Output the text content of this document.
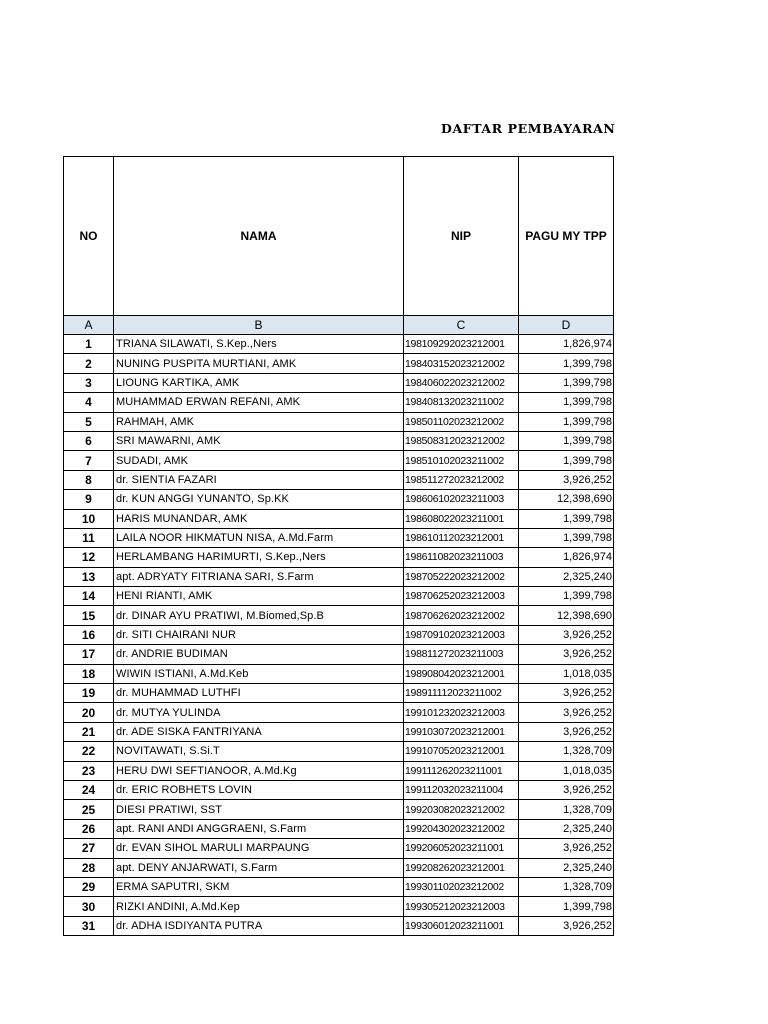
DAFTAR PEMBAYARAN
NO	NAMA	NIP	PAGU MY TPP
A	B	C	D
1	TRIANA SILAWATI, S.Kep.,Ners	198109292023212001	1,826,974
2	NUNING PUSPITA MURTIANI, AMK	198403152023212002	1,399,798
3	LIOUNG KARTIKA, AMK	198406022023212002	1,399,798
4	MUHAMMAD ERWAN REFANI, AMK	198408132023211002	1,399,798
5	RAHMAH, AMK	198501102023212002	1,399,798
6	SRI MAWARNI, AMK	198508312023212002	1,399,798
7	SUDADI, AMK	198510102023211002	1,399,798
8	dr. SIENTIA FAZARI	198511272023212002	3,926,252
9	dr. KUN ANGGI YUNANTO, Sp.KK	198606102023211003	12,398,690
10	HARIS MUNANDAR, AMK	198608022023211001	1,399,798
11	LAILA NOOR HIKMATUN NISA, A.Md.Farm	198610112023212001	1,399,798
12	HERLAMBANG HARIMURTI, S.Kep.,Ners	198611082023211003	1,826,974
13	apt. ADRYATY FITRIANA SARI, S.Farm	198705222023212002	2,325,240
14	HENI RIANTI, AMK	198706252023212003	1,399,798
15	dr. DINAR AYU PRATIWI, M.Biomed,Sp.B	198706262023212002	12,398,690
16	dr. SITI CHAIRANI NUR	198709102023212003	3,926,252
17	dr. ANDRIE BUDIMAN	198811272023211003	3,926,252
18	WIWIN ISTIANI, A.Md.Keb	198908042023212001	1,018,035
19	dr. MUHAMMAD LUTHFI	198911112023211002	3,926,252
20	dr. MUTYA YULINDA	199101232023212003	3,926,252
21	dr. ADE SISKA FANTRIYANA	199103072023212001	3,926,252
22	NOVITAWATI, S.Si.T	199107052023212001	1,328,709
23	HERU DWI SEFTIANOOR, A.Md.Kg	199111262023211001	1,018,035
24	dr. ERIC ROBHETS LOVIN	199112032023211004	3,926,252
25	DIESI PRATIWI, SST	199203082023212002	1,328,709
26	apt. RANI ANDI ANGGRAENI, S.Farm	199204302023212002	2,325,240
27	dr. EVAN SIHOL MARULI MARPAUNG	199206052023211001	3,926,252
28	apt. DENY ANJARWATI, S.Farm	199208262023212001	2,325,240
29	ERMA SAPUTRI, SKM	199301102023212002	1,328,709
30	RIZKI ANDINI, A.Md.Kep	199305212023212003	1,399,798
31	dr. ADHA ISDIYANTA PUTRA	199306012023211001	3,926,252
